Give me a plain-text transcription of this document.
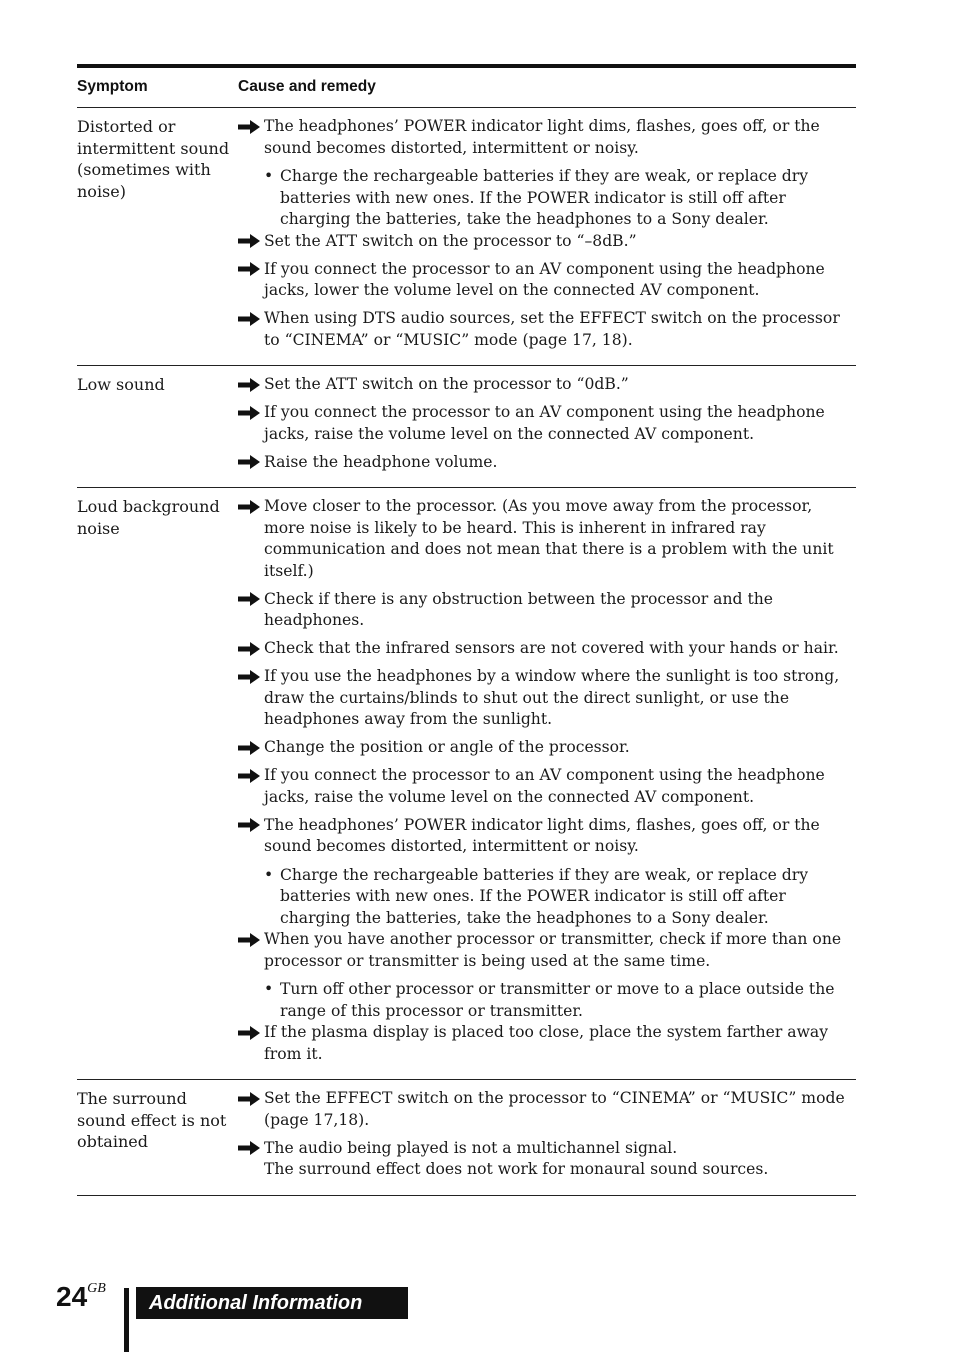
Symptom	Cause and remedy
Distorted or intermittent sound (sometimes with noise)
The headphones’ POWER indicator light dims, flashes, goes off, or the sound becomes distorted, intermittent or noisy.
• Charge the rechargeable batteries if they are weak, or replace dry batteries with new ones. If the POWER indicator is still off after charging the batteries, take the headphones to a Sony dealer.
Set the ATT switch on the processor to “–8dB.”
If you connect the processor to an AV component using the headphone jacks, lower the volume level on the connected AV component.
When using DTS audio sources, set the EFFECT switch on the processor to “CINEMA” or “MUSIC” mode (page 17, 18).
Low sound	Set the ATT switch on the processor to “0dB.”
If you connect the processor to an AV component using the headphone jacks, raise the volume level on the connected AV component.
Raise the headphone volume.
Loud background noise
Move closer to the processor. (As you move away from the processor, more noise is likely to be heard. This is inherent in infrared ray communication and does not mean that there is a problem with the unit itself.)
Check if there is any obstruction between the processor and the headphones.
Check that the infrared sensors are not covered with your hands or hair.
If you use the headphones by a window where the sunlight is too strong, draw the curtains/blinds to shut out the direct sunlight, or use the headphones away from the sunlight.
Change the position or angle of the processor.
If you connect the processor to an AV component using the headphone jacks, raise the volume level on the connected AV component.
The headphones’ POWER indicator light dims, flashes, goes off, or the sound becomes distorted, intermittent or noisy.
• Charge the rechargeable batteries if they are weak, or replace dry batteries with new ones. If the POWER indicator is still off after charging the batteries, take the headphones to a Sony dealer.
When you have another processor or transmitter, check if more than one processor or transmitter is being used at the same time.
• Turn off other processor or transmitter or move to a place outside the range of this processor or transmitter.
If the plasma display is placed too close, place the system farther away from it.
The surround sound effect is not obtained
Set the EFFECT switch on the processor to “CINEMA” or “MUSIC” mode (page 17,18).
The audio being played is not a multichannel signal.
The surround effect does not work for monaural sound sources.
$24^{GB}$
Additional Information
